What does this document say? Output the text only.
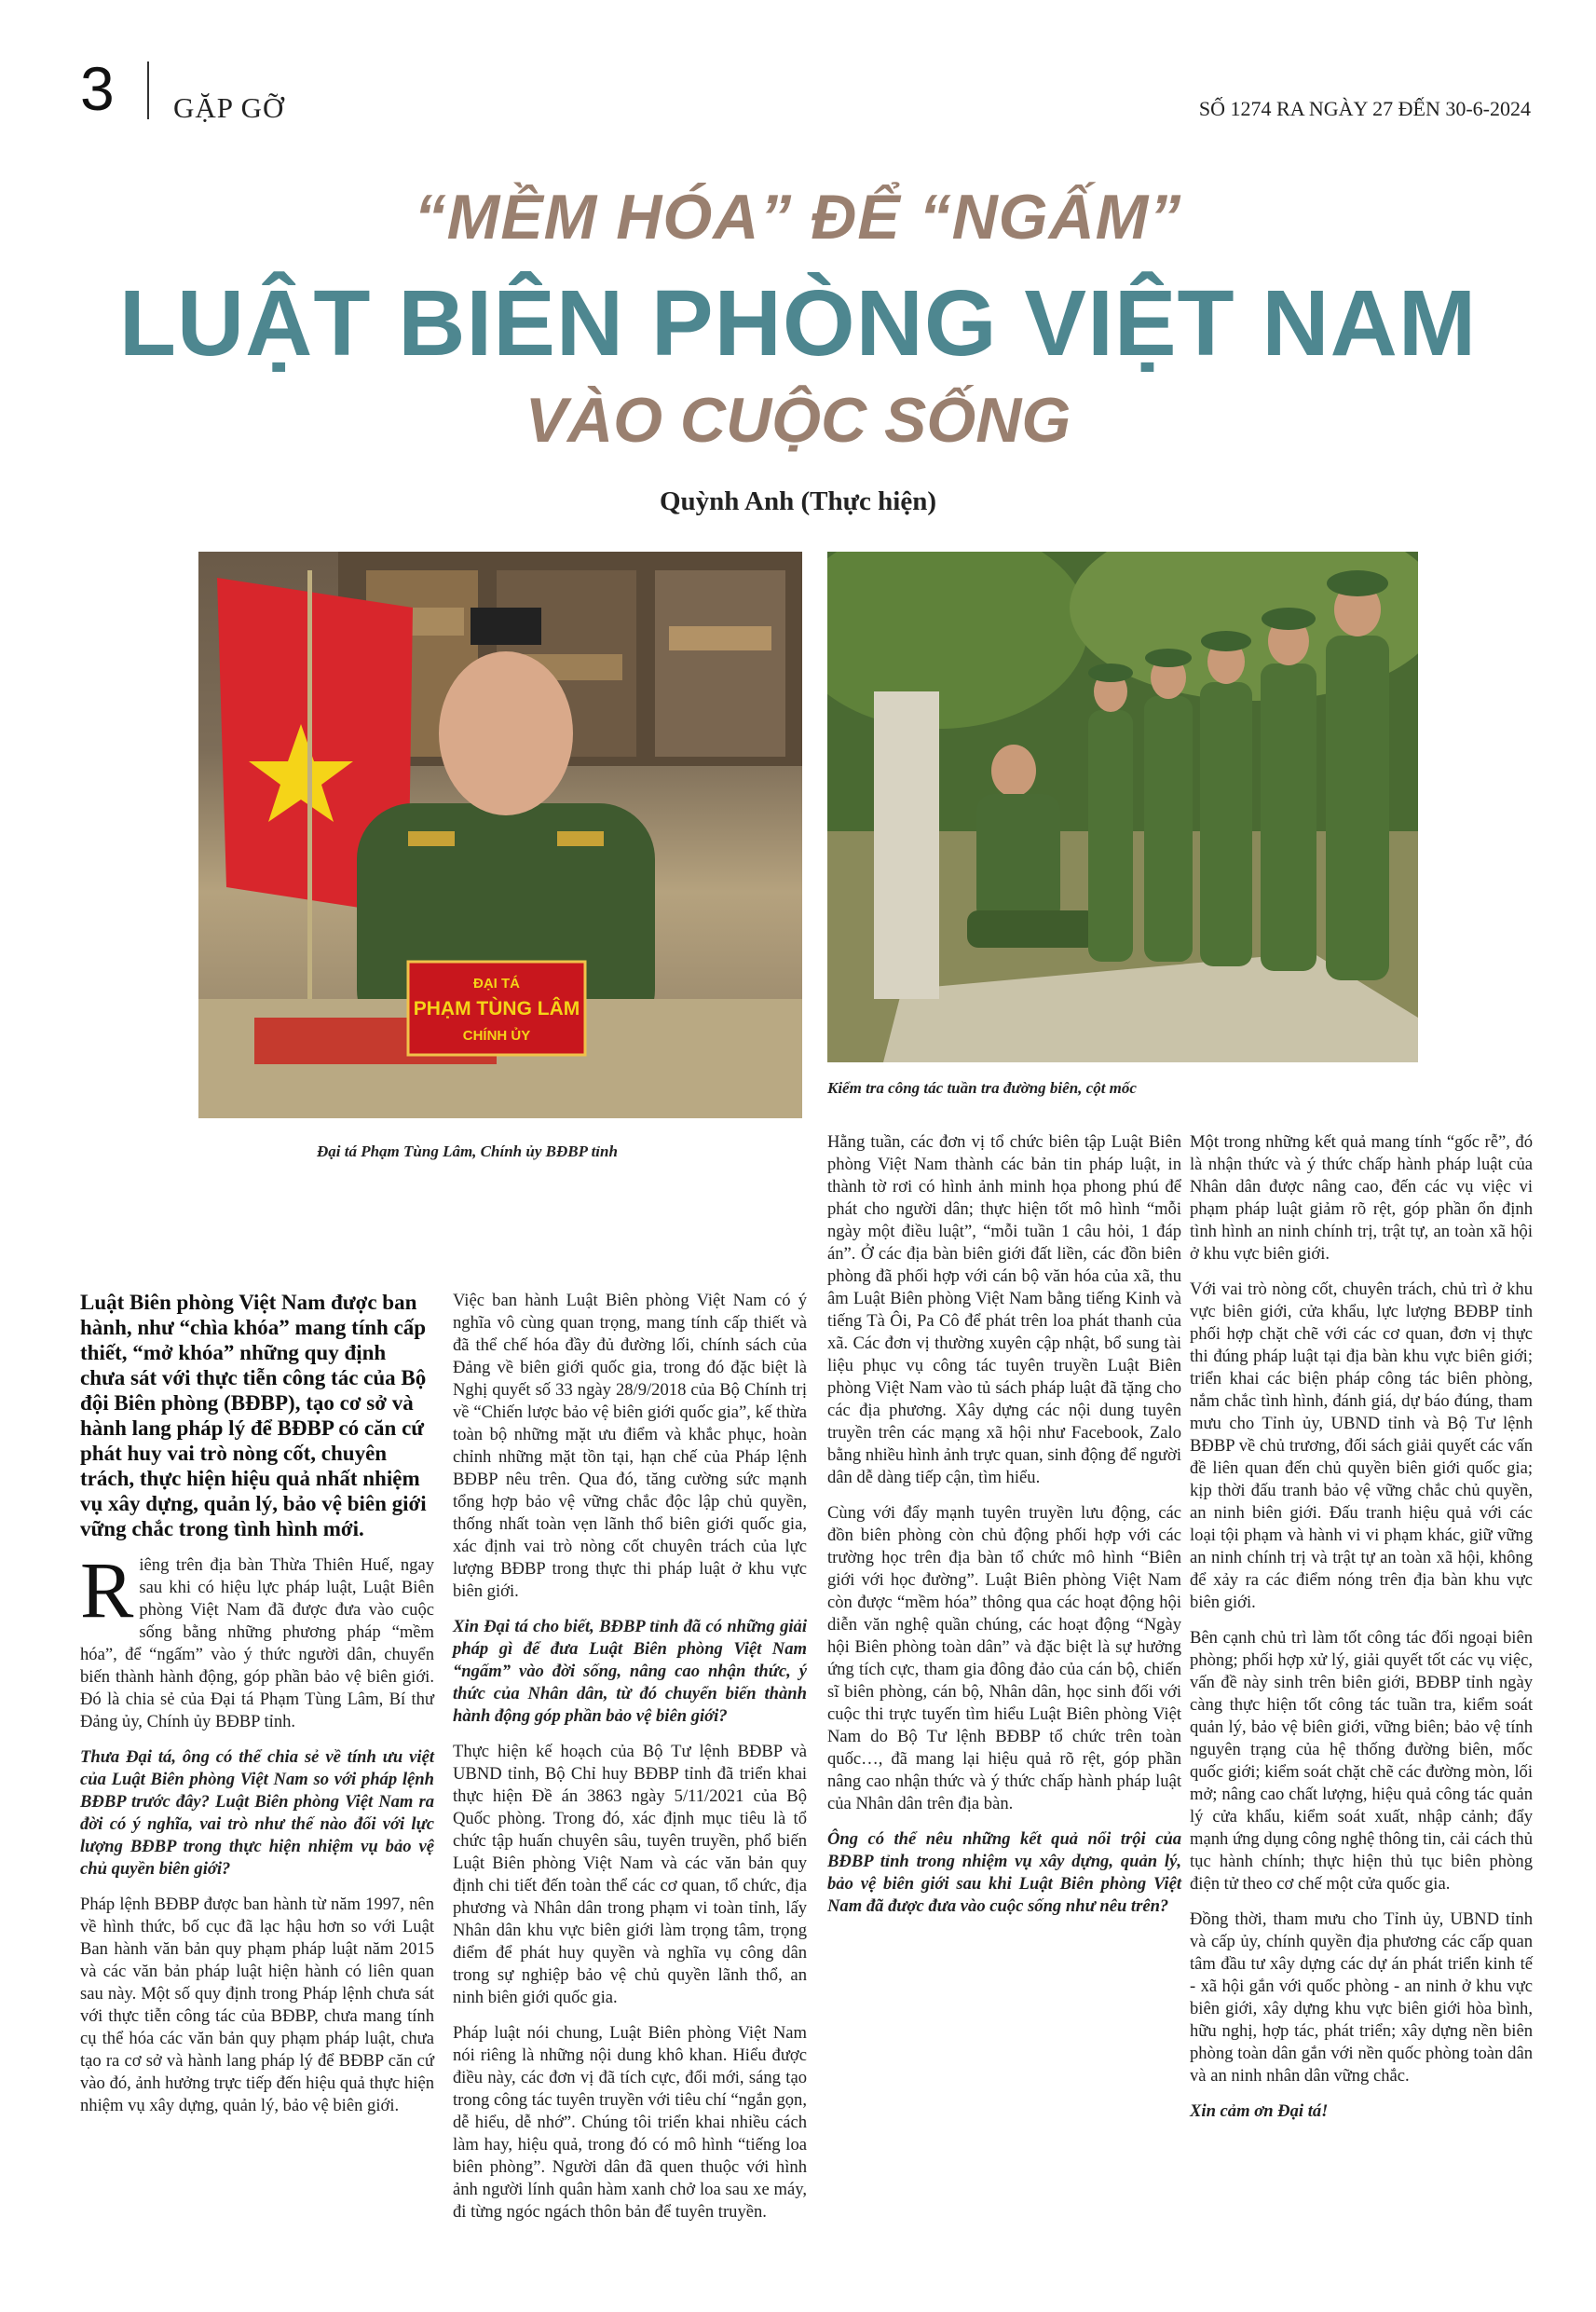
3 GẶP GỠ	SỐ 1274 RA NGÀY 27 ĐẾN 30-6-2024
“MỀM HÓA” ĐỂ “NGẤM”
LUẬT BIÊN PHÒNG VIỆT NAM
VÀO CUỘC SỐNG
Quỳnh Anh (Thực hiện)
ĐẠI TÁ
PHẠM TÙNG LÂM
CHÍNH ỦY
Đại tá Phạm Tùng Lâm, Chính ủy BĐBP tỉnh
Kiểm tra công tác tuần tra đường biên, cột mốc

Luật Biên phòng Việt Nam được ban hành, như “chìa khóa” mang tính cấp thiết, “mở khóa” những quy định chưa sát với thực tiễn công tác của Bộ đội Biên phòng (BĐBP), tạo cơ sở và hành lang pháp lý để BĐBP có căn cứ phát huy vai trò nòng cốt, chuyên trách, thực hiện hiệu quả nhất nhiệm vụ xây dựng, quản lý, bảo vệ biên giới vững chắc trong tình hình mới.

Riêng trên địa bàn Thừa Thiên Huế, ngay sau khi có hiệu lực pháp luật, Luật Biên phòng Việt Nam đã được đưa vào cuộc sống bằng những phương pháp “mềm hóa”, để “ngấm” vào ý thức người dân, chuyển biến thành hành động, góp phần bảo vệ biên giới. Đó là chia sẻ của Đại tá Phạm Tùng Lâm, Bí thư Đảng ủy, Chính ủy BĐBP tỉnh.

Thưa Đại tá, ông có thể chia sẻ về tính ưu việt của Luật Biên phòng Việt Nam so với pháp lệnh BĐBP trước đây? Luật Biên phòng Việt Nam ra đời có ý nghĩa, vai trò như thế nào đối với lực lượng BĐBP trong thực hiện nhiệm vụ bảo vệ chủ quyền biên giới?

Pháp lệnh BĐBP được ban hành từ năm 1997, nên về hình thức, bố cục đã lạc hậu hơn so với Luật Ban hành văn bản quy phạm pháp luật năm 2015 và các văn bản pháp luật hiện hành có liên quan sau này. Một số quy định trong Pháp lệnh chưa sát với thực tiễn công tác của BĐBP, chưa mang tính cụ thể hóa các văn bản quy phạm pháp luật, chưa tạo ra cơ sở và hành lang pháp lý để BĐBP căn cứ vào đó, ảnh hưởng trực tiếp đến hiệu quả thực hiện nhiệm vụ xây dựng, quản lý, bảo vệ biên giới.

Việc ban hành Luật Biên phòng Việt Nam có ý nghĩa vô cùng quan trọng, mang tính cấp thiết và đã thể chế hóa đầy đủ đường lối, chính sách của Đảng về biên giới quốc gia, trong đó đặc biệt là Nghị quyết số 33 ngày 28/9/2018 của Bộ Chính trị về “Chiến lược bảo vệ biên giới quốc gia”, kế thừa toàn bộ những mặt ưu điểm và khắc phục, hoàn chỉnh những mặt tồn tại, hạn chế của Pháp lệnh BĐBP nêu trên. Qua đó, tăng cường sức mạnh tổng hợp bảo vệ vững chắc độc lập chủ quyền, thống nhất toàn vẹn lãnh thổ biên giới quốc gia, xác định vai trò nòng cốt chuyên trách của lực lượng BĐBP trong thực thi pháp luật ở khu vực biên giới.

Xin Đại tá cho biết, BĐBP tỉnh đã có những giải pháp gì để đưa Luật Biên phòng Việt Nam “ngấm” vào đời sống, nâng cao nhận thức, ý thức của Nhân dân, từ đó chuyển biến thành hành động góp phần bảo vệ biên giới?

Thực hiện kế hoạch của Bộ Tư lệnh BĐBP và UBND tỉnh, Bộ Chỉ huy BĐBP tỉnh đã triển khai thực hiện Đề án 3863 ngày 5/11/2021 của Bộ Quốc phòng. Trong đó, xác định mục tiêu là tổ chức tập huấn chuyên sâu, tuyên truyền, phổ biến Luật Biên phòng Việt Nam và các văn bản quy định chi tiết đến toàn thể các cơ quan, tổ chức, địa phương và Nhân dân trong phạm vi toàn tỉnh, lấy Nhân dân khu vực biên giới làm trọng tâm, trọng điểm để phát huy quyền và nghĩa vụ công dân trong sự nghiệp bảo vệ chủ quyền lãnh thổ, an ninh biên giới quốc gia.

Pháp luật nói chung, Luật Biên phòng Việt Nam nói riêng là những nội dung khô khan. Hiểu được điều này, các đơn vị đã tích cực, đổi mới, sáng tạo trong công tác tuyên truyền với tiêu chí “ngắn gọn, dễ hiểu, dễ nhớ”. Chúng tôi triển khai nhiều cách làm hay, hiệu quả, trong đó có mô hình “tiếng loa biên phòng”. Người dân đã quen thuộc với hình ảnh người lính quân hàm xanh chở loa sau xe máy, đi từng ngóc ngách thôn bản để tuyên truyền.

Hằng tuần, các đơn vị tổ chức biên tập Luật Biên phòng Việt Nam thành các bản tin pháp luật, in thành tờ rơi có hình ảnh minh họa phong phú để phát cho người dân; thực hiện tốt mô hình “mỗi ngày một điều luật”, “mỗi tuần 1 câu hỏi, 1 đáp án”. Ở các địa bàn biên giới đất liền, các đồn biên phòng đã phối hợp với cán bộ văn hóa của xã, thu âm Luật Biên phòng Việt Nam bằng tiếng Kinh và tiếng Tà Ôi, Pa Cô để phát trên loa phát thanh của xã. Các đơn vị thường xuyên cập nhật, bổ sung tài liệu phục vụ công tác tuyên truyền Luật Biên phòng Việt Nam vào tủ sách pháp luật đã tặng cho các địa phương. Xây dựng các nội dung tuyên truyền trên các mạng xã hội như Facebook, Zalo bằng nhiều hình ảnh trực quan, sinh động để người dân dễ dàng tiếp cận, tìm hiểu.

Cùng với đẩy mạnh tuyên truyền lưu động, các đồn biên phòng còn chủ động phối hợp với các trường học trên địa bàn tổ chức mô hình “Biên giới với học đường”. Luật Biên phòng Việt Nam còn được “mềm hóa” thông qua các hoạt động hội diễn văn nghệ quần chúng, các hoạt động “Ngày hội Biên phòng toàn dân” và đặc biệt là sự hưởng ứng tích cực, tham gia đông đảo của cán bộ, chiến sĩ biên phòng, cán bộ, Nhân dân, học sinh đối với cuộc thi trực tuyến tìm hiểu Luật Biên phòng Việt Nam do Bộ Tư lệnh BĐBP tổ chức trên toàn quốc…, đã mang lại hiệu quả rõ rệt, góp phần nâng cao nhận thức và ý thức chấp hành pháp luật của Nhân dân trên địa bàn.

Ông có thể nêu những kết quả nổi trội của BĐBP tỉnh trong nhiệm vụ xây dựng, quản lý, bảo vệ biên giới sau khi Luật Biên phòng Việt Nam đã được đưa vào cuộc sống như nêu trên?

Một trong những kết quả mang tính “gốc rễ”, đó là nhận thức và ý thức chấp hành pháp luật của Nhân dân được nâng cao, đến các vụ việc vi phạm pháp luật giảm rõ rệt, góp phần ổn định tình hình an ninh chính trị, trật tự, an toàn xã hội ở khu vực biên giới.

Với vai trò nòng cốt, chuyên trách, chủ trì ở khu vực biên giới, cửa khẩu, lực lượng BĐBP tỉnh phối hợp chặt chẽ với các cơ quan, đơn vị thực thi đúng pháp luật tại địa bàn khu vực biên giới; triển khai các biện pháp công tác biên phòng, nắm chắc tình hình, đánh giá, dự báo đúng, tham mưu cho Tỉnh ủy, UBND tỉnh và Bộ Tư lệnh BĐBP về chủ trương, đối sách giải quyết các vấn đề liên quan đến chủ quyền biên giới quốc gia; kịp thời đấu tranh bảo vệ vững chắc chủ quyền, an ninh biên giới. Đấu tranh hiệu quả với các loại tội phạm và hành vi vi phạm khác, giữ vững an ninh chính trị và trật tự an toàn xã hội, không để xảy ra các điểm nóng trên địa bàn khu vực biên giới.

Bên cạnh chủ trì làm tốt công tác đối ngoại biên phòng; phối hợp xử lý, giải quyết tốt các vụ việc, vấn đề này sinh trên biên giới, BĐBP tỉnh ngày càng thực hiện tốt công tác tuần tra, kiểm soát quản lý, bảo vệ biên giới, vững biên; bảo vệ tính nguyên trạng của hệ thống đường biên, mốc quốc giới; kiểm soát chặt chẽ các đường mòn, lối mở; nâng cao chất lượng, hiệu quả công tác quản lý cửa khẩu, kiểm soát xuất, nhập cảnh; đẩy mạnh ứng dụng công nghệ thông tin, cải cách thủ tục hành chính; thực hiện thủ tục biên phòng điện tử theo cơ chế một cửa quốc gia.

Đồng thời, tham mưu cho Tỉnh ủy, UBND tỉnh và cấp ủy, chính quyền địa phương các cấp quan tâm đầu tư xây dựng các dự án phát triển kinh tế - xã hội gắn với quốc phòng - an ninh ở khu vực biên giới, xây dựng khu vực biên giới hòa bình, hữu nghị, hợp tác, phát triển; xây dựng nền biên phòng toàn dân gắn với nền quốc phòng toàn dân và an ninh nhân dân vững chắc.

Xin cảm ơn Đại tá!
